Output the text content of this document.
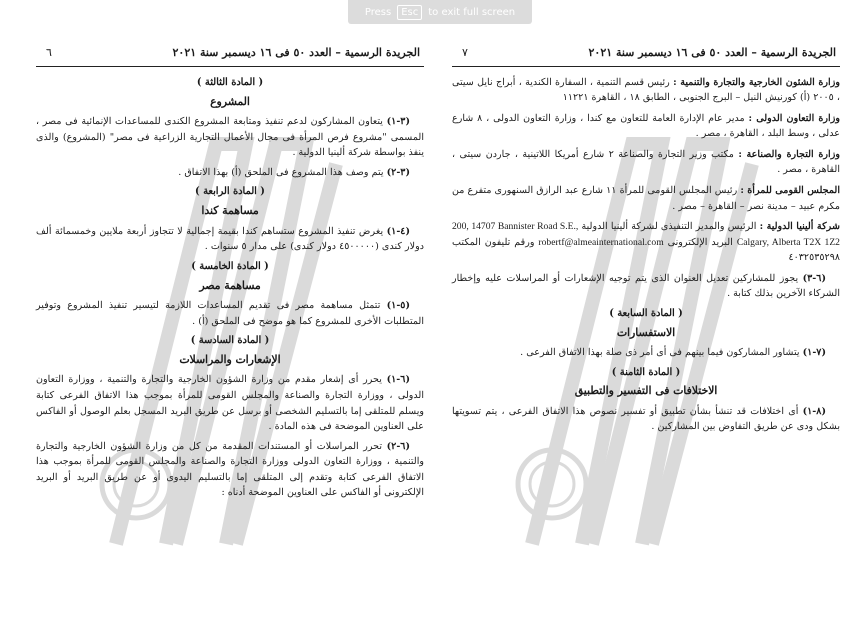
Press	Esc	to exit full screen
الجريدة الرسمية – العدد ٥٠ فى ١٦ ديسمبر سنة ٢٠٢١
٦
( المادة الثالثة )
المشروع

(٣-١) يتعاون المشاركون لدعم تنفيذ ومتابعة المشروع الكندى للمساعدات الإنمائية فى مصر ، المسمى "مشروع فرص المرأة فى مجال الأعمال التجارية الزراعية فى مصر" (المشروع) والذى ينفذ بواسطة شركة ألينيا الدولية .

(٣-٢) يتم وصف هذا المشروع فى الملحق (أ) بهذا الاتفاق .

( المادة الرابعة )
مساهمة كندا

(٤-١) يغرض تنفيذ المشروع ستساهم كندا بقيمة إجمالية لا تتجاوز أربعة ملايين وخمسمائة ألف دولار كندى (٤٥٠٠٠٠٠ دولار كندى) على مدار ٥ سنوات .

( المادة الخامسة )
مساهمة مصر

(٥-١) تتمثل مساهمة مصر فى تقديم المساعدات اللازمة لتيسير تنفيذ المشروع وتوفير المتطلبات الأخرى للمشروع كما هو موضح فى الملحق (أ) .

( المادة السادسة )
الإشعارات والمراسلات

(٦-١) يحرر أى إشعار مقدم من وزارة الشؤون الخارجية والتجارة والتنمية ، ووزارة التعاون الدولى ، ووزارة التجارة والصناعة والمجلس القومى للمرأة بموجب هذا الاتفاق الفرعى كتابة ويسلم للمتلقى إما بالتسليم الشخصى أو برسل عن طريق البريد المسجل بعلم الوصول أو الفاكس على العناوين الموضحة فى هذه المادة .

(٦-٢) تحرر المراسلات أو المستندات المقدمة من كل من وزارة الشؤون الخارجية والتجارة والتنمية ، ووزارة التعاون الدولى ووزارة التجارة والصناعة والمجلس القومى للمرأة بموجب هذا الاتفاق الفرعى كتابة وتقدم إلى المتلقى إما بالتسليم اليدوى أو عن طريق البريد أو البريد الإلكترونى أو الفاكس على العناوين الموضحة أدناه :

الجريدة الرسمية – العدد ٥٠ فى ١٦ ديسمبر سنة ٢٠٢١
٧

وزارة الشئون الخارجية والتجارة والتنمية : رئيس قسم التنمية ، السفارة الكندية ، أبراج نايل سيتى ، ٢٠٠٥ (أ) كورنيش النيل – البرج الجنوبى ، الطابق ١٨ ، القاهرة ١١٢٢١

وزارة التعاون الدولى : مدير عام الإدارة العامة للتعاون مع كندا ، وزارة التعاون الدولى ، ٨ شارع عدلى ، وسط البلد ، القاهرة ، مصر .

وزارة التجارة والصناعة : مكتب وزير التجارة والصناعة ٢ شارع أمريكا اللاتينية ، جاردن سيتى ، القاهرة ، مصر .

المجلس القومى للمرأة : رئيس المجلس القومى للمرأة ١١ شارع عبد الرازق السنهورى متفرع من مكرم عبيد – مدينة نصر – القاهرة – مصر .

شركة ألينيا الدولية : الرئيس والمدير التنفيذى لشركة ألينيا الدولية 200, 14707 Bannister Road S.E., Calgary, Alberta T2X 1Z2 البريد الإلكترونى robertf@almeainternational.com ورقم تليفون المكتب ٤٠٣٢٥٣٥٢٩٨

(٦-٣) يجوز للمشاركين تعديل العنوان الذى يتم توجيه الإشعارات أو المراسلات عليه وإخطار الشركاء الآخرين بذلك كتابة .

( المادة السابعة )
الاستفسارات

(٧-١) يتشاور المشاركون فيما بينهم فى أى أمر ذى صلة بهذا الاتفاق الفرعى .

( المادة الثامنة )
الاختلافات فى التفسير والتطبيق

(٨-١) أى اختلافات قد تنشأ بشأن تطبيق أو تفسير نصوص هذا الاتفاق الفرعى ، يتم تسويتها بشكل ودى عن طريق التفاوض بين المشاركين .
